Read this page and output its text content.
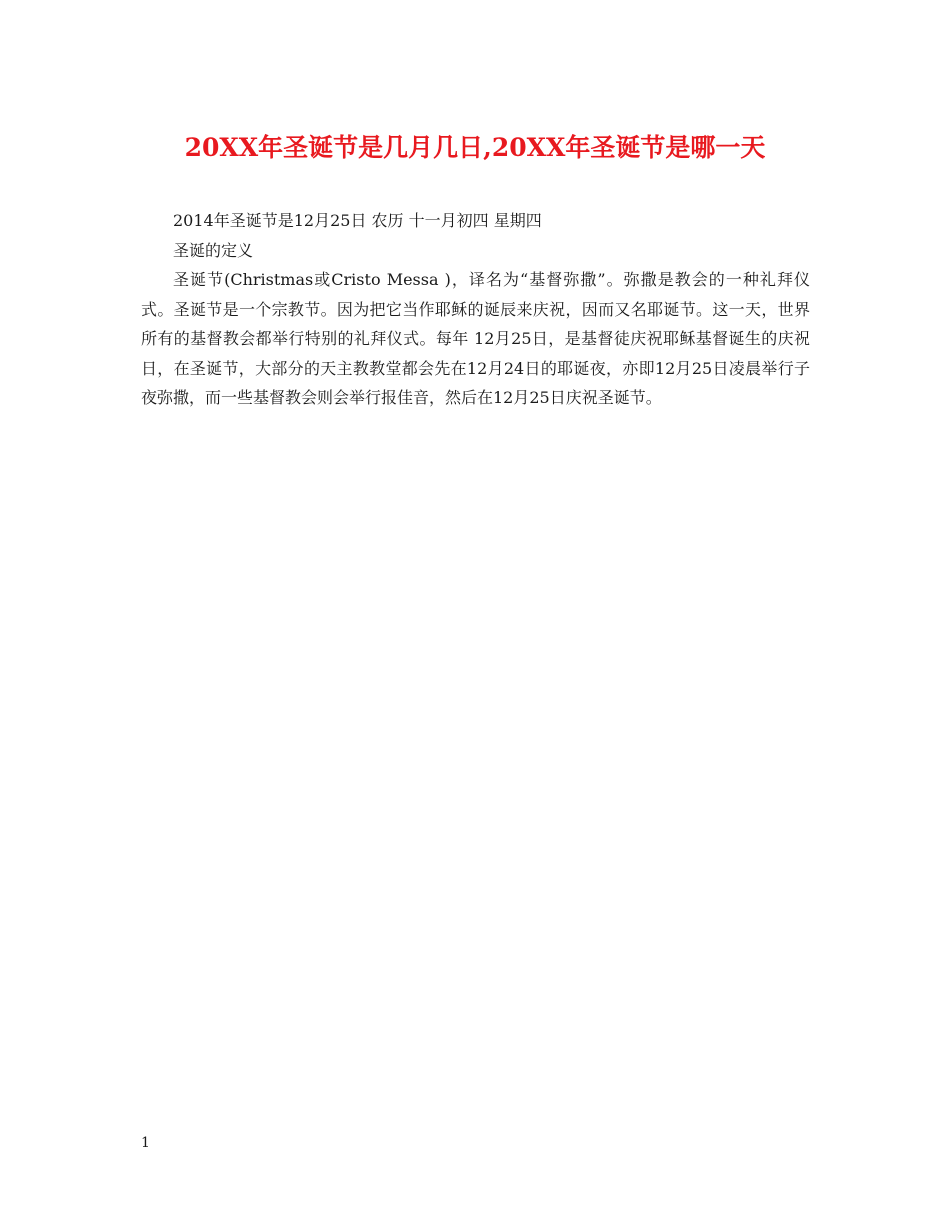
20XX年圣诞节是几月几日,20XX年圣诞节是哪一天

2014年圣诞节是12月25日 农历 十一月初四 星期四

圣诞的定义

圣诞节(Christmas或Cristo Messa )，译名为“基督弥撒”。弥撒是教会的一种礼拜仪式。圣诞节是一个宗教节。因为把它当作耶稣的诞辰来庆祝，因而又名耶诞节。这一天，世界所有的基督教会都举行特别的礼拜仪式。每年 12月25日，是基督徒庆祝耶稣基督诞生的庆祝日，在圣诞节，大部分的天主教教堂都会先在12月24日的耶诞夜，亦即12月25日凌晨举行子夜弥撒，而一些基督教会则会举行报佳音，然后在12月25日庆祝圣诞节。

1
